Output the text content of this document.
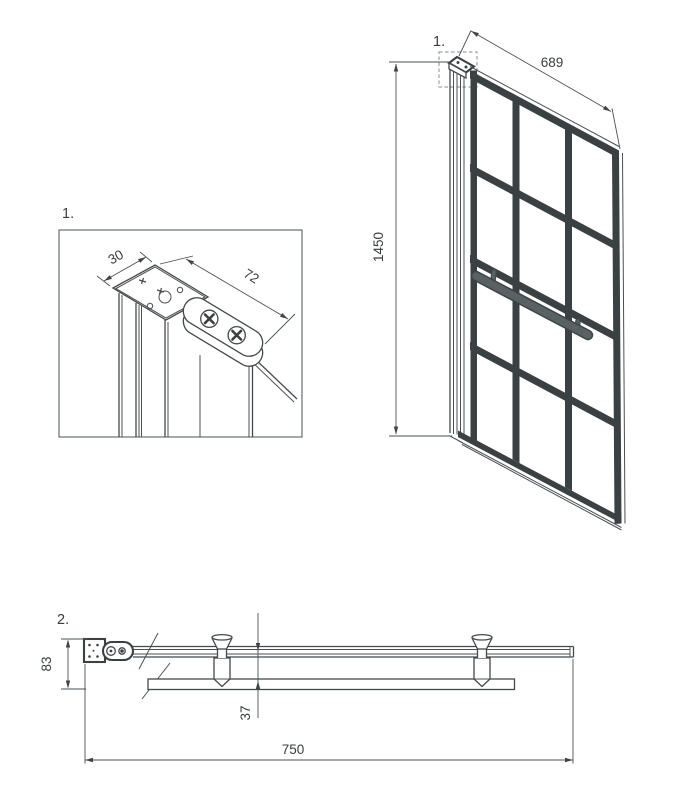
1.
30
72
1.
689
1450
2.
83
37
750
